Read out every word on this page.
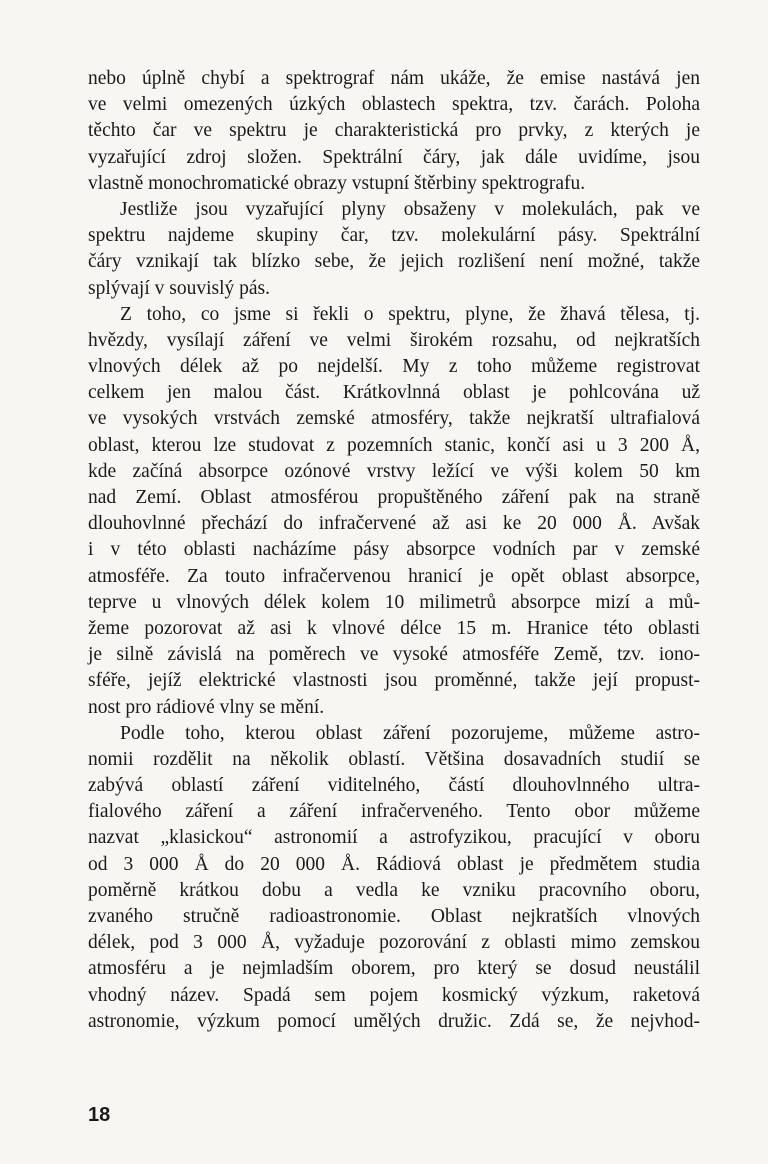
nebo úplně chybí a spektrograf nám ukáže, že emise nastává jen
ve velmi omezených úzkých oblastech spektra, tzv. čarách. Poloha
těchto čar ve spektru je charakteristická pro prvky, z kterých je
vyzařující zdroj složen. Spektrální čáry, jak dále uvidíme, jsou
vlastně monochromatické obrazy vstupní štěrbiny spektrografu.
Jestliže jsou vyzařující plyny obsaženy v molekulách, pak ve
spektru najdeme skupiny čar, tzv. molekulární pásy. Spektrální
čáry vznikají tak blízko sebe, že jejich rozlišení není možné, takže
splývají v souvislý pás.
Z toho, co jsme si řekli o spektru, plyne, že žhavá tělesa, tj.
hvězdy, vysílají záření ve velmi širokém rozsahu, od nejkratších
vlnových délek až po nejdelší. My z toho můžeme registrovat
celkem jen malou část. Krátkovlnná oblast je pohlcována už
ve vysokých vrstvách zemské atmosféry, takže nejkratší ultrafialová
oblast, kterou lze studovat z pozemních stanic, končí asi u 3 200 Å,
kde začíná absorpce ozónové vrstvy ležící ve výši kolem 50 km
nad Zemí. Oblast atmosférou propuštěného záření pak na straně
dlouhovlnné přechází do infračervené až asi ke 20 000 Å. Avšak
i v této oblasti nacházíme pásy absorpce vodních par v zemské
atmosféře. Za touto infračervenou hranicí je opět oblast absorpce,
teprve u vlnových délek kolem 10 milimetrů absorpce mizí a mů-
žeme pozorovat až asi k vlnové délce 15 m. Hranice této oblasti
je silně závislá na poměrech ve vysoké atmosféře Země, tzv. iono-
sféře, jejíž elektrické vlastnosti jsou proměnné, takže její propust-
nost pro rádiové vlny se mění.
Podle toho, kterou oblast záření pozorujeme, můžeme astro-
nomii rozdělit na několik oblastí. Většina dosavadních studií se
zabývá oblastí záření viditelného, částí dlouhovlnného ultra-
fialového záření a záření infračerveného. Tento obor můžeme
nazvat „klasickou“ astronomií a astrofyzikou, pracující v oboru
od 3 000 Å do 20 000 Å. Rádiová oblast je předmětem studia
poměrně krátkou dobu a vedla ke vzniku pracovního oboru,
zvaného stručně radioastronomie. Oblast nejkratších vlnových
délek, pod 3 000 Å, vyžaduje pozorování z oblasti mimo zemskou
atmosféru a je nejmladším oborem, pro který se dosud neustálil
vhodný název. Spadá sem pojem kosmický výzkum, raketová
astronomie, výzkum pomocí umělých družic. Zdá se, že nejvhod-
18
